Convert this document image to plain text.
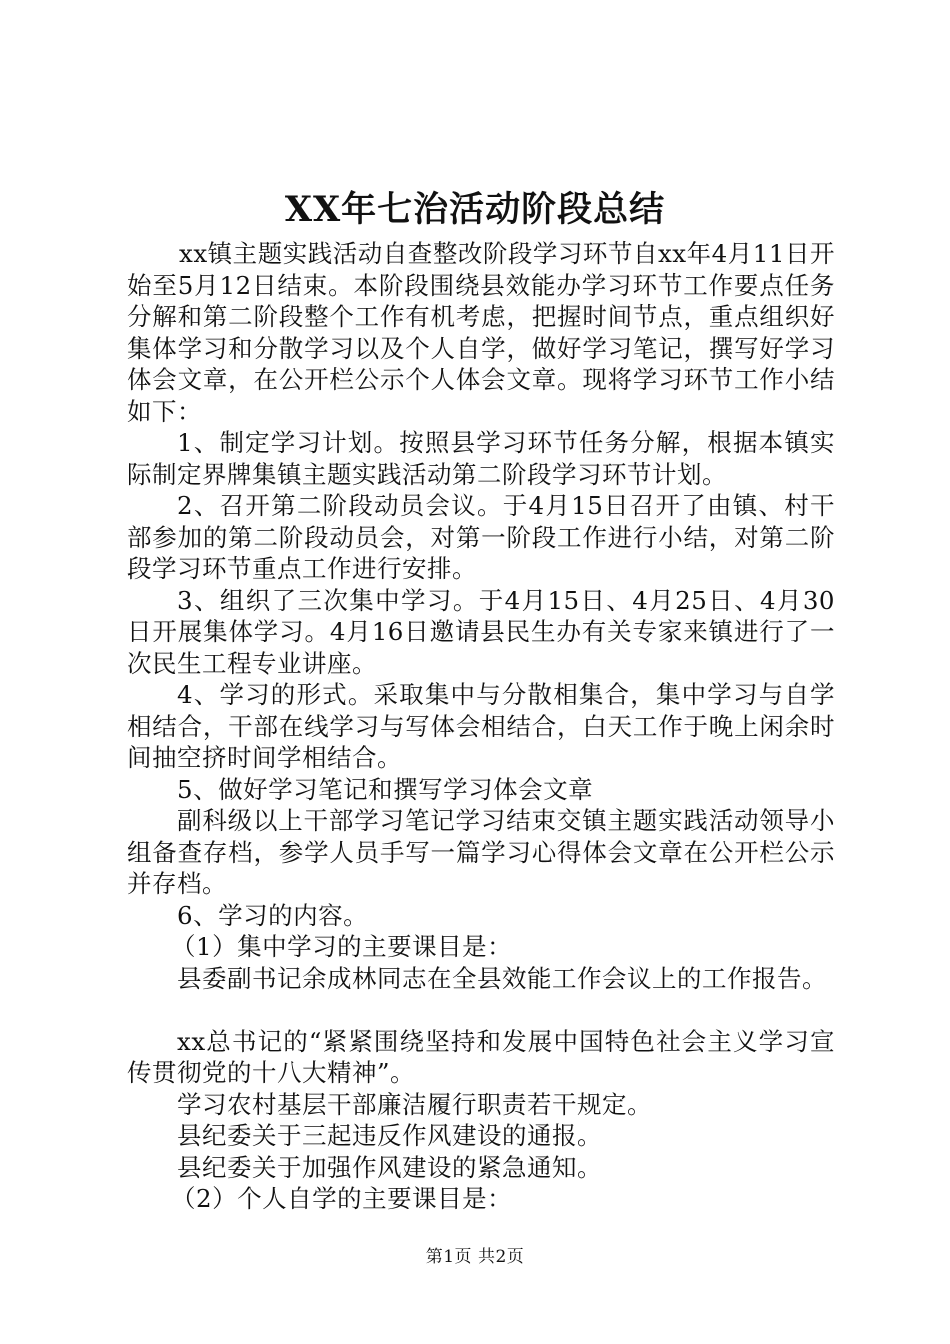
XX年七治活动阶段总结

xx镇主题实践活动自查整改阶段学习环节自xx年4月11日开始至5月12日结束。本阶段围绕县效能办学习环节工作要点任务分解和第二阶段整个工作有机考虑，把握时间节点，重点组织好集体学习和分散学习以及个人自学，做好学习笔记，撰写好学习体会文章，在公开栏公示个人体会文章。现将学习环节工作小结如下：

1、制定学习计划。按照县学习环节任务分解，根据本镇实际制定界牌集镇主题实践活动第二阶段学习环节计划。

2、召开第二阶段动员会议。于4月15日召开了由镇、村干部参加的第二阶段动员会，对第一阶段工作进行小结，对第二阶段学习环节重点工作进行安排。

3、组织了三次集中学习。于4月15日、4月25日、4月30日开展集体学习。4月16日邀请县民生办有关专家来镇进行了一次民生工程专业讲座。

4、学习的形式。采取集中与分散相集合，集中学习与自学相结合，干部在线学习与写体会相结合，白天工作于晚上闲余时间抽空挤时间学相结合。

5、做好学习笔记和撰写学习体会文章

副科级以上干部学习笔记学习结束交镇主题实践活动领导小组备查存档，参学人员手写一篇学习心得体会文章在公开栏公示并存档。

6、学习的内容。

（1）集中学习的主要课目是：

县委副书记余成林同志在全县效能工作会议上的工作报告。

xx总书记的“紧紧围绕坚持和发展中国特色社会主义学习宣传贯彻党的十八大精神”。

学习农村基层干部廉洁履行职责若干规定。

县纪委关于三起违反作风建设的通报。

县纪委关于加强作风建设的紧急通知。

（2）个人自学的主要课目是：

第1页 共2页
